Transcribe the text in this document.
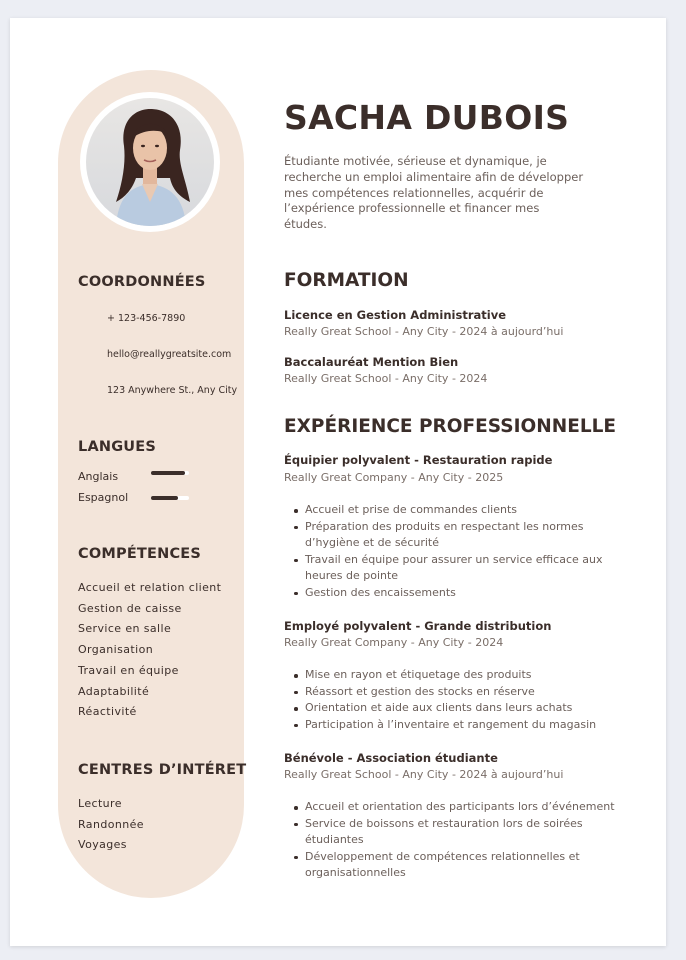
COORDONNÉES
+ 123-456-7890
hello@reallygreatsite.com
123 Anywhere St., Any City
LANGUES
Anglais
Espagnol
COMPÉTENCES
Accueil et relation client
Gestion de caisse
Service en salle
Organisation
Travail en équipe
Adaptabilité
Réactivité
CENTRES D’INTÉRET
Lecture
Randonnée
Voyages
SACHA DUBOIS

Étudiante motivée, sérieuse et dynamique, je recherche un emploi alimentaire afin de développer mes compétences relationnelles, acquérir de l’expérience professionnelle et financer mes études.

FORMATION
Licence en Gestion Administrative
Really Great School - Any City - 2024 à aujourd’hui
Baccalauréat Mention Bien
Really Great School - Any City - 2024
EXPÉRIENCE PROFESSIONNELLE
Équipier polyvalent - Restauration rapide
Really Great Company - Any City - 2025
Accueil et prise de commandes clients
Préparation des produits en respectant les normes d’hygiène et de sécurité
Travail en équipe pour assurer un service efficace aux heures de pointe
Gestion des encaissements
Employé polyvalent - Grande distribution
Really Great Company - Any City - 2024
Mise en rayon et étiquetage des produits
Réassort et gestion des stocks en réserve
Orientation et aide aux clients dans leurs achats
Participation à l’inventaire et rangement du magasin
Bénévole - Association étudiante
Really Great School - Any City - 2024 à aujourd’hui
Accueil et orientation des participants lors d’événement
Service de boissons et restauration lors de soirées étudiantes
Développement de compétences relationnelles et organisationnelles
